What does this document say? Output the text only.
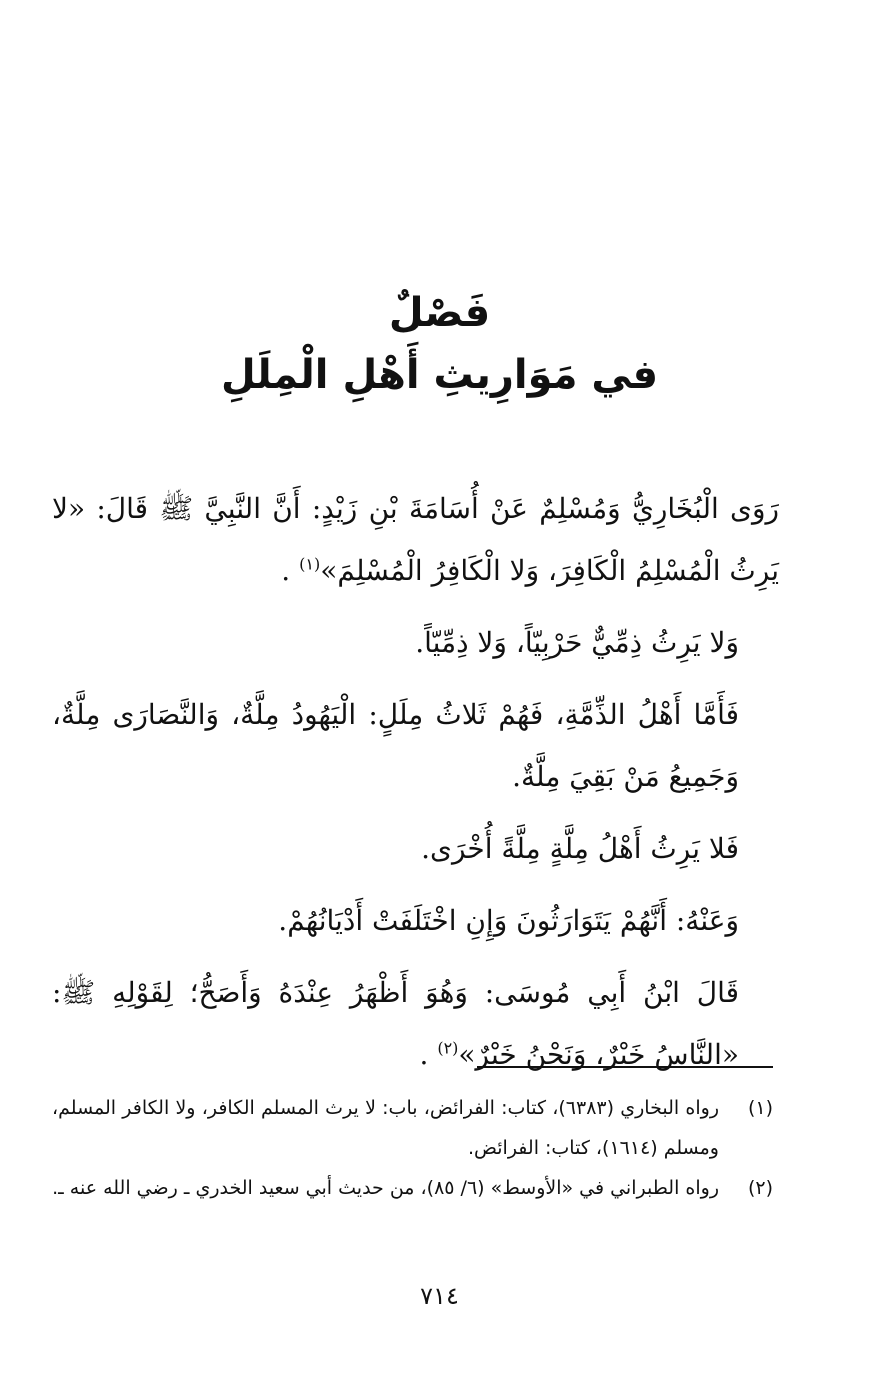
فَصْلٌ
في مَوَارِيثِ أَهْلِ الْمِلَلِ

رَوَى الْبُخَارِيُّ وَمُسْلِمٌ عَنْ أُسَامَةَ بْنِ زَيْدٍ: أَنَّ النَّبِيَّ ﷺ قَالَ: «لا يَرِثُ الْمُسْلِمُ الْكَافِرَ، وَلا الْكَافِرُ الْمُسْلِمَ»$^{(١)}$ .

وَلا يَرِثُ ذِمِّيٌّ حَرْبِيّاً، وَلا ذِمِّيّاً.

فَأَمَّا أَهْلُ الذِّمَّةِ، فَهُمْ ثَلاثُ مِلَلٍ: الْيَهُودُ مِلَّةٌ، وَالنَّصَارَى مِلَّةٌ، وَجَمِيعُ مَنْ بَقِيَ مِلَّةٌ.

فَلا يَرِثُ أَهْلُ مِلَّةٍ مِلَّةً أُخْرَى.

وَعَنْهُ: أَنَّهُمْ يَتَوَارَثُونَ وَإِنِ اخْتَلَفَتْ أَدْيَانُهُمْ.

قَالَ ابْنُ أَبِي مُوسَى: وَهُوَ أَظْهَرُ عِنْدَهُ وَأَصَحُّ؛ لِقَوْلِهِ ﷺ: «النَّاسُ خَيْرٌ، وَنَحْنُ خَيْرٌ»$^{(٢)}$ .

(١)
رواه البخاري (٦٣٨٣)، كتاب: الفرائض، باب: لا يرث المسلم الكافر، ولا الكافر المسلم، ومسلم (١٦١٤)، كتاب: الفرائض.
(٢)
رواه الطبراني في «الأوسط» (٦/ ٨٥)، من حديث أبي سعيد الخدري ـ رضي الله عنه ـ.
٧١٤
